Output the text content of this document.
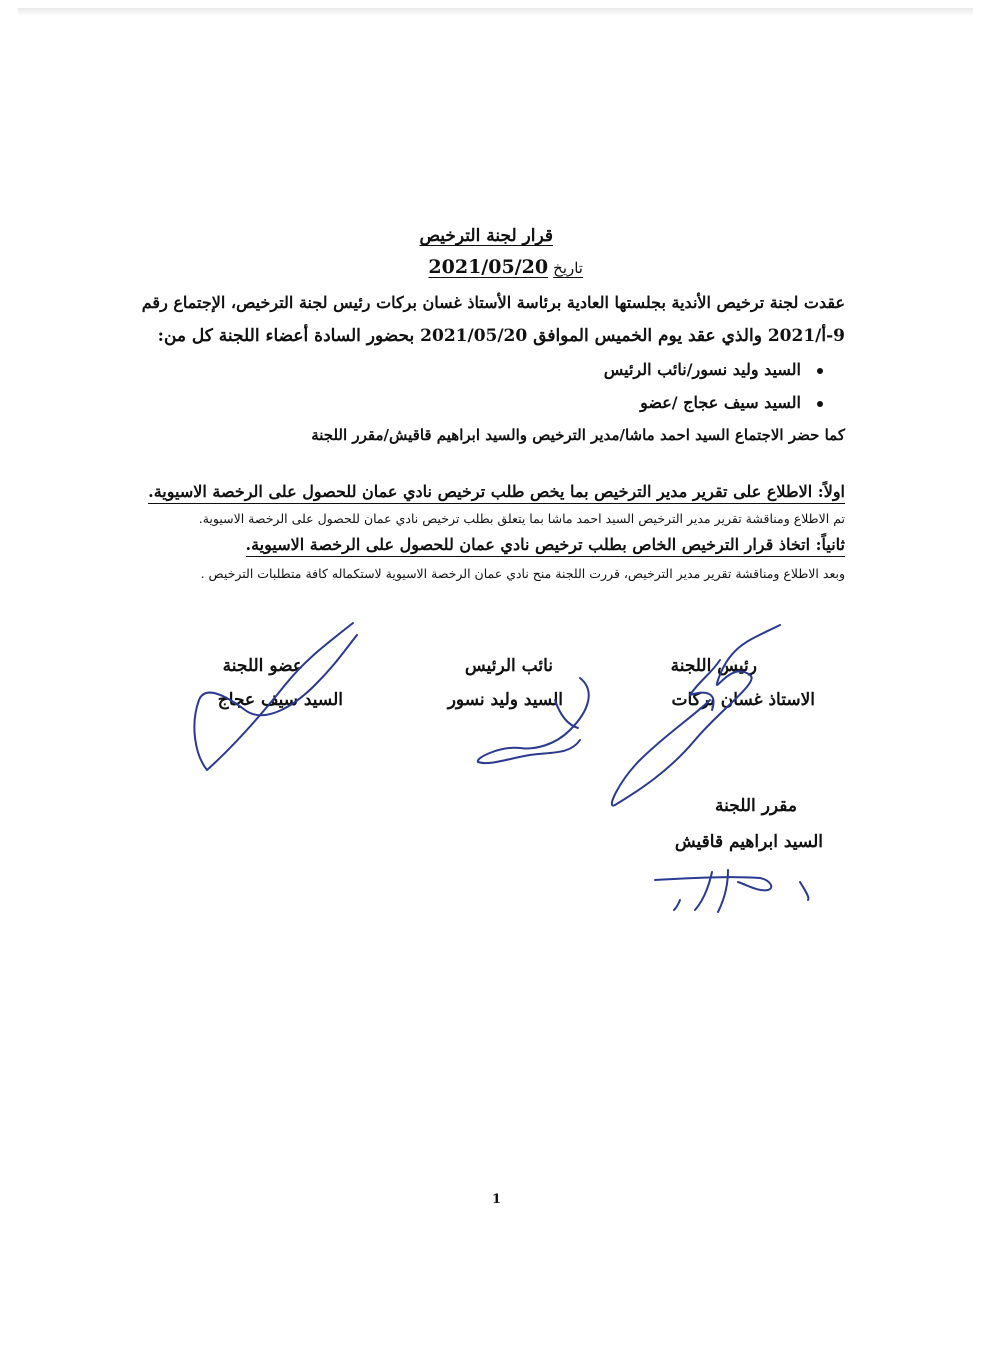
قرار لجنة الترخيص
تاريخ 2021/05/20
عقدت لجنة ترخيص الأندية بجلستها العادية برئاسة الأستاذ غسان بركات رئيس لجنة الترخيص، الإجتماع رقم
9-أ/2021 والذي عقد يوم الخميس الموافق 2021/05/20 بحضور السادة أعضاء اللجنة كل من:
السيد وليد نسور/نائب الرئيس
السيد سيف عجاج /عضو
كما حضر الاجتماع السيد احمد ماشا/مدير الترخيص والسيد ابراهيم قاقيش/مقرر اللجنة
اولاً: الاطلاع على تقرير مدير الترخيص بما يخص طلب ترخيص نادي عمان للحصول على الرخصة الاسيوية.
تم الاطلاع ومناقشة تقرير مدير الترخيص السيد احمد ماشا بما يتعلق بطلب ترخيص نادي عمان للحصول على الرخصة الاسيوية.
ثانياً: اتخاذ قرار الترخيص الخاص بطلب ترخيص نادي عمان للحصول على الرخصة الاسيوية.
وبعد الاطلاع ومناقشة تقرير مدير الترخيص، قررت اللجنة منح نادي عمان الرخصة الاسيوية لاستكماله كافة متطلبات الترخيص .
رئيس اللجنة
الاستاذ غسان بركات
نائب الرئيس
السيد وليد نسور
عضو اللجنة
السيد سيف عجاج
مقرر اللجنة
السيد ابراهيم قاقيش
1
